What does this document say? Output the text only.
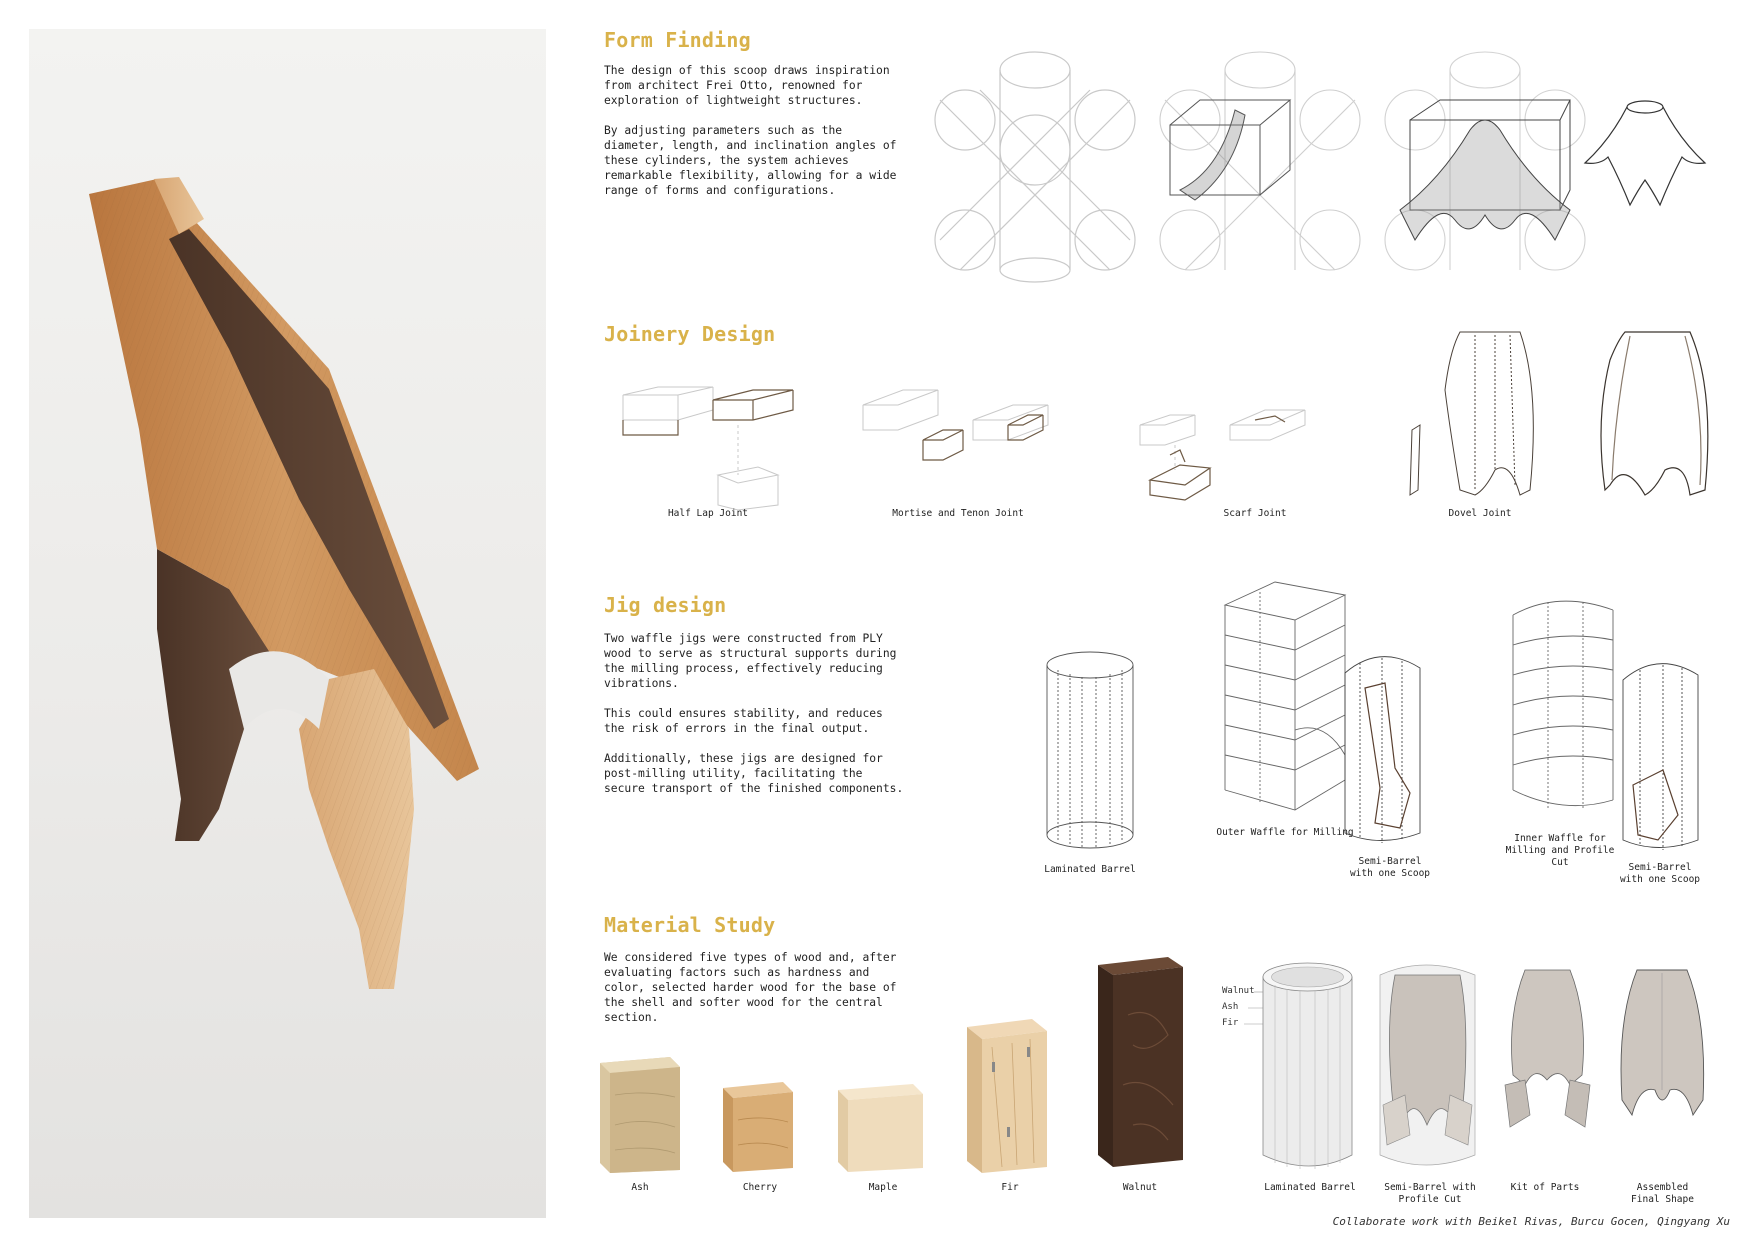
Form Finding

The design of this scoop draws inspiration from architect Frei Otto, renowned for exploration of lightweight structures.

By adjusting parameters such as the diameter, length, and inclination angles of these cylinders, the system achieves remarkable flexibility, allowing for a wide range of forms and configurations.

Joinery Design
Half Lap Joint	Mortise and Tenon Joint	Scarf Joint	Dovel Joint
Jig design

Two waffle jigs were constructed from PLY wood to serve as structural supports during the milling process, effectively reducing vibrations.

This could ensures stability, and reduces the risk of errors in the final output.

Additionally, these jigs are designed for post-milling utility, facilitating the secure transport of the finished components.

Laminated Barrel
Outer Waffle for Milling
Semi-Barrel
with one Scoop
Inner Waffle for
Milling and Profile
Cut	Semi-Barrel
with one Scoop
Material Study
We considered five types of wood and, after evaluating factors such as hardness and color, selected harder wood for the base of the shell and softer wood for the central section.
Ash	Cherry	Maple	Fir	Walnut
Walnut
Ash
Fir
Laminated Barrel	Semi-Barrel with
Profile Cut
Kit of Parts	Assembled
Final Shape
Collaborate work with Beikel Rivas, Burcu Gocen, Qingyang Xu
